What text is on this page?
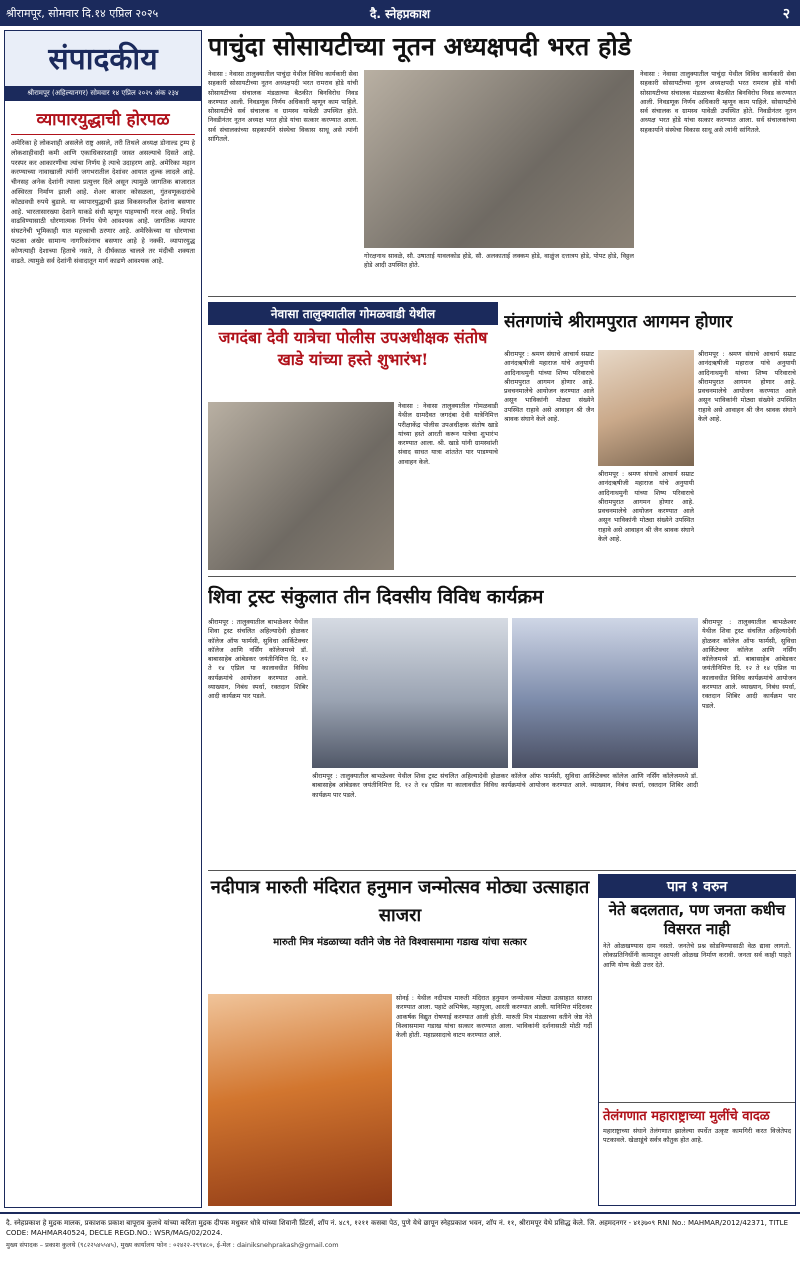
श्रीरामपूर, सोमवार दि.१४ एप्रिल २०२५	दै. स्नेहप्रकाश	२
संपादकीय
श्रीरामपूर (अहिल्यानगर) सोमवार १४ एप्रिल २०२५ अंक २३४
व्यापारयुद्धाची होरपळ
अमेरिका हे लोकशाही असलेले राष्ट्र असले, तरी तिथले अध्यक्ष डोनाल्ड ट्रम्प हे लोकशाहीवादी कमी आणि एकाधिकारशाही जास्त असल्याचे दिसते आहे. परस्पर कर आकारणीचा त्यांचा निर्णय हे त्याचे उदाहरण आहे. अमेरिका महान करण्याच्या नावाखाली त्यांनी जगभरातील देशांवर आयात शुल्क लादले आहे. चीनसह अनेक देशांनी त्याला प्रत्युत्तर दिले असून त्यामुळे जागतिक बाजारात अस्थिरता निर्माण झाली आहे. शेअर बाजार कोसळला, गुंतवणूकदारांचे कोट्यवधी रुपये बुडाले. या व्यापारयुद्धाची झळ विकसनशील देशांना बसणार आहे. भारतासारख्या देशाने याकडे संधी म्हणून पाहण्याची गरज आहे. निर्यात वाढविण्यासाठी धोरणात्मक निर्णय घेणे आवश्यक आहे. जागतिक व्यापार संघटनेची भूमिकाही यात महत्त्वाची ठरणार आहे. अमेरिकेच्या या धोरणाचा फटका अखेर सामान्य नागरिकांनाच बसणार आहे हे नक्की. व्यापारयुद्ध कोणत्याही देशाच्या हिताचे नसते, ते दीर्घकाळ चालले तर मंदीची शक्यता वाढते. त्यामुळे सर्व देशांनी संवादातून मार्ग काढणे आवश्यक आहे.
पाचुंदा सोसायटीच्या नूतन अध्यक्षपदी भरत होडे
नेवासा : नेवासा तालुक्यातील पाचुंदा येथील विविध कार्यकारी सेवा सहकारी सोसायटीच्या नूतन अध्यक्षपदी भरत रामराव होडे यांची सोसायटीच्या संचालक मंडळाच्या बैठकीत बिनविरोध निवड करण्यात आली. निवडणूक निर्णय अधिकारी म्हणून काम पाहिले. सोसायटीचे सर्व संचालक व ग्रामस्थ यावेळी उपस्थित होते. निवडीनंतर नूतन अध्यक्ष भरत होडे यांचा सत्कार करण्यात आला. सर्व संचालकांच्या सहकार्याने संस्थेचा विकास साधू असे त्यांनी सांगितले.
नेवासा : नेवासा तालुक्यातील पाचुंदा येथील विविध कार्यकारी सेवा सहकारी सोसायटीच्या नूतन अध्यक्षपदी भरत रामराव होडे यांची सोसायटीच्या संचालक मंडळाच्या बैठकीत बिनविरोध निवड करण्यात आली. निवडणूक निर्णय अधिकारी म्हणून काम पाहिले. सोसायटीचे सर्व संचालक व ग्रामस्थ यावेळी उपस्थित होते. निवडीनंतर नूतन अध्यक्ष भरत होडे यांचा सत्कार करण्यात आला. सर्व संचालकांच्या सहकार्याने संस्थेचा विकास साधू असे त्यांनी सांगितले.
गोरक्षनाथ सावळे, सौ. उषाताई यावलकोड होडे, सौ. अलकाताई लक्कम होडे, वाळुंज दत्तात्रय होडे, पोपट होडे, विठ्ठल होडे आदी उपस्थित होते.
नेवासा तालुक्यातील गोमळवाडी येथील
जगदंबा देवी यात्रेचा पोलीस उपअधीक्षक संतोष खाडे यांच्या हस्ते शुभारंभ!
नेवासा : नेवासा तालुक्यातील गोमळवाडी येथील ग्रामदैवत जगदंबा देवी यात्रेनिमित्त परीक्षाकेंद्र पोलीस उपअधीक्षक संतोष खाडे यांच्या हस्ते आरती करून यात्रेचा शुभारंभ करण्यात आला. श्री. खाडे यांनी ग्रामस्थांशी संवाद साधत यात्रा शांततेत पार पाडण्याचे आवाहन केले.
संतगणांचे श्रीरामपुरात आगमन होणार
श्रीरामपूर : श्रमण संघाचे आचार्य सम्राट आनंदऋषीजी महाराज यांचे अनुयायी आदिनाथमुनी यांच्या शिष्य परिवाराचे श्रीरामपुरात आगमन होणार आहे. प्रवचनमालेचे आयोजन करण्यात आले असून भाविकांनी मोठ्या संख्येने उपस्थित राहावे असे आवाहन श्री जैन श्रावक संघाने केले आहे.
श्रीरामपूर : श्रमण संघाचे आचार्य सम्राट आनंदऋषीजी महाराज यांचे अनुयायी आदिनाथमुनी यांच्या शिष्य परिवाराचे श्रीरामपुरात आगमन होणार आहे. प्रवचनमालेचे आयोजन करण्यात आले असून भाविकांनी मोठ्या संख्येने उपस्थित राहावे असे आवाहन श्री जैन श्रावक संघाने केले आहे.
श्रीरामपूर : श्रमण संघाचे आचार्य सम्राट आनंदऋषीजी महाराज यांचे अनुयायी आदिनाथमुनी यांच्या शिष्य परिवाराचे श्रीरामपुरात आगमन होणार आहे. प्रवचनमालेचे आयोजन करण्यात आले असून भाविकांनी मोठ्या संख्येने उपस्थित राहावे असे आवाहन श्री जैन श्रावक संघाने केले आहे.
शिवा ट्रस्ट संकुलात तीन दिवसीय विविध कार्यक्रम
श्रीरामपूर : तालुक्यातील बाभळेश्वर येथील शिवा ट्रस्ट संचलित अहिल्यादेवी होळकर कॉलेज ऑफ फार्मसी, सुविधा आर्किटेक्चर कॉलेज आणि नर्सिंग कॉलेजमध्ये डॉ. बाबासाहेब आंबेडकर जयंतीनिमित्त दि. १२ ते १४ एप्रिल या कालावधीत विविध कार्यक्रमांचे आयोजन करण्यात आले. व्याख्यान, निबंध स्पर्धा, रक्तदान शिबिर आदी कार्यक्रम पार पडले.
श्रीरामपूर : तालुक्यातील बाभळेश्वर येथील शिवा ट्रस्ट संचलित अहिल्यादेवी होळकर कॉलेज ऑफ फार्मसी, सुविधा आर्किटेक्चर कॉलेज आणि नर्सिंग कॉलेजमध्ये डॉ. बाबासाहेब आंबेडकर जयंतीनिमित्त दि. १२ ते १४ एप्रिल या कालावधीत विविध कार्यक्रमांचे आयोजन करण्यात आले. व्याख्यान, निबंध स्पर्धा, रक्तदान शिबिर आदी कार्यक्रम पार पडले.
श्रीरामपूर : तालुक्यातील बाभळेश्वर येथील शिवा ट्रस्ट संचलित अहिल्यादेवी होळकर कॉलेज ऑफ फार्मसी, सुविधा आर्किटेक्चर कॉलेज आणि नर्सिंग कॉलेजमध्ये डॉ. बाबासाहेब आंबेडकर जयंतीनिमित्त दि. १२ ते १४ एप्रिल या कालावधीत विविध कार्यक्रमांचे आयोजन करण्यात आले. व्याख्यान, निबंध स्पर्धा, रक्तदान शिबिर आदी कार्यक्रम पार पडले.
नदीपात्र मारुती मंदिरात हनुमान जन्मोत्सव मोठ्या उत्साहात साजरा
मारुती मित्र मंडळाच्या वतीने जेष्ठ नेते विश्वासमामा गडाख यांचा सत्कार
सोनई : येथील नदीपात्र मारुती मंदिरात हनुमान जन्मोत्सव मोठ्या उत्साहात साजरा करण्यात आला. पहाटे अभिषेक, महापूजा, आरती करण्यात आली. यानिमित्त मंदिरावर आकर्षक विद्युत रोषणाई करण्यात आली होती. मारुती मित्र मंडळाच्या वतीने जेष्ठ नेते विश्वासमामा गडाख यांचा सत्कार करण्यात आला. भाविकांनी दर्शनासाठी मोठी गर्दी केली होती. महाप्रसादाचे वाटप करण्यात आले.
पान १ वरुन
नेते बदलतात, पण जनता कधीच विसरत नाही
नेते ओळखण्यास दाम नसतो. जनतेचे प्रश्न सोडविण्यासाठी वेळ द्यावा लागतो. लोकप्रतिनिधींनी कामातून आपली ओळख निर्माण करावी. जनता सर्व काही पाहते आणि योग्य वेळी उत्तर देते.
तेलंगणात महाराष्ट्राच्या मुलींचे वादळ
महाराष्ट्राच्या संघाने तेलंगणात झालेल्या स्पर्धेत उत्कृष्ट कामगिरी करत विजेतेपद पटकावले. खेळाडूंचे सर्वत्र कौतुक होत आहे.
दै. स्नेहप्रकाश हे मुद्रक मालक, प्रकाशक प्रकाश बापूराव कुलथे यांच्या करिता मुद्रक दीपक मधुकर धोत्रे यांच्या शिवानी प्रिंटर्स, शॉप नं. ४८९, १२११ कसबा पेठ, पुणे येथे छापून स्नेहप्रकाश भवन, शॉप नं. ११, श्रीरामपूर येथे प्रसिद्ध केले. जि. अहमदनगर - ४१३७०९ RNI No.: MAHMAR/2012/42371, TITLE CODE: MAHMAR40524, DECLE REGD.NO.: WSR/MAG/02/2024.
मुख्य संपादक – प्रकाश कुलथे (९८२२५४५५४५), मुख्य कार्यालय फोन : ०२४२२-२९९४८०, ई-मेल : dainiksnehprakash@gmail.com
